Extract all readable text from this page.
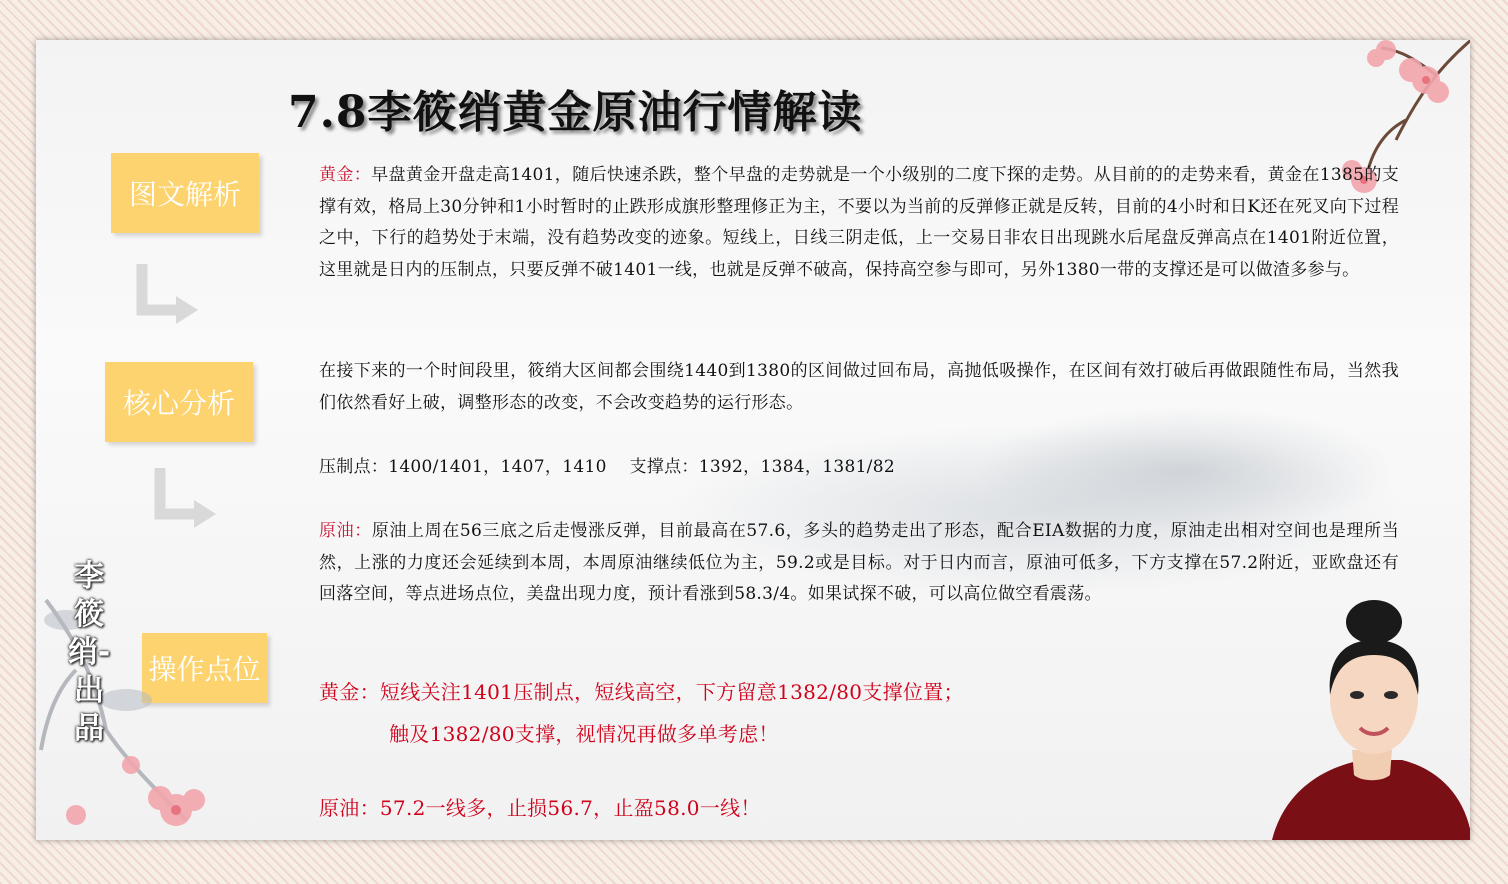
7.8李筱绡黄金原油行情解读
图文解析
核心分析
操作点位
李筱绡-出品

黄金：早盘黄金开盘走高1401，随后快速杀跌，整个早盘的走势就是一个小级别的二度下探的走势。从目前的的走势来看，黄金在1385的支撑有效，格局上30分钟和1小时暂时的止跌形成旗形整理修正为主，不要以为当前的反弹修正就是反转，目前的4小时和日K还在死叉向下过程之中，下行的趋势处于末端，没有趋势改变的迹象。短线上，日线三阴走低，上一交易日非农日出现跳水后尾盘反弹高点在1401附近位置，这里就是日内的压制点，只要反弹不破1401一线，也就是反弹不破高，保持高空参与即可，另外1380一带的支撑还是可以做渣多参与。

在接下来的一个时间段里，筱绡大区间都会围绕1440到1380的区间做过回布局，高抛低吸操作，在区间有效打破后再做跟随性布局，当然我们依然看好上破，调整形态的改变，不会改变趋势的运行形态。

压制点：1400/1401，1407，1410    支撑点：1392，1384，1381/82

原油：原油上周在56三底之后走慢涨反弹，目前最高在57.6，多头的趋势走出了形态，配合EIA数据的力度，原油走出相对空间也是理所当然，上涨的力度还会延续到本周，本周原油继续低位为主，59.2或是目标。对于日内而言，原油可低多，下方支撑在57.2附近，亚欧盘还有回落空间，等点进场点位，美盘出现力度，预计看涨到58.3/4。如果试探不破，可以高位做空看震荡。

黄金：短线关注1401压制点，短线高空，下方留意1382/80支撑位置；

触及1382/80支撑，视情况再做多单考虑！

原油：57.2一线多，止损56.7，止盈58.0一线！
